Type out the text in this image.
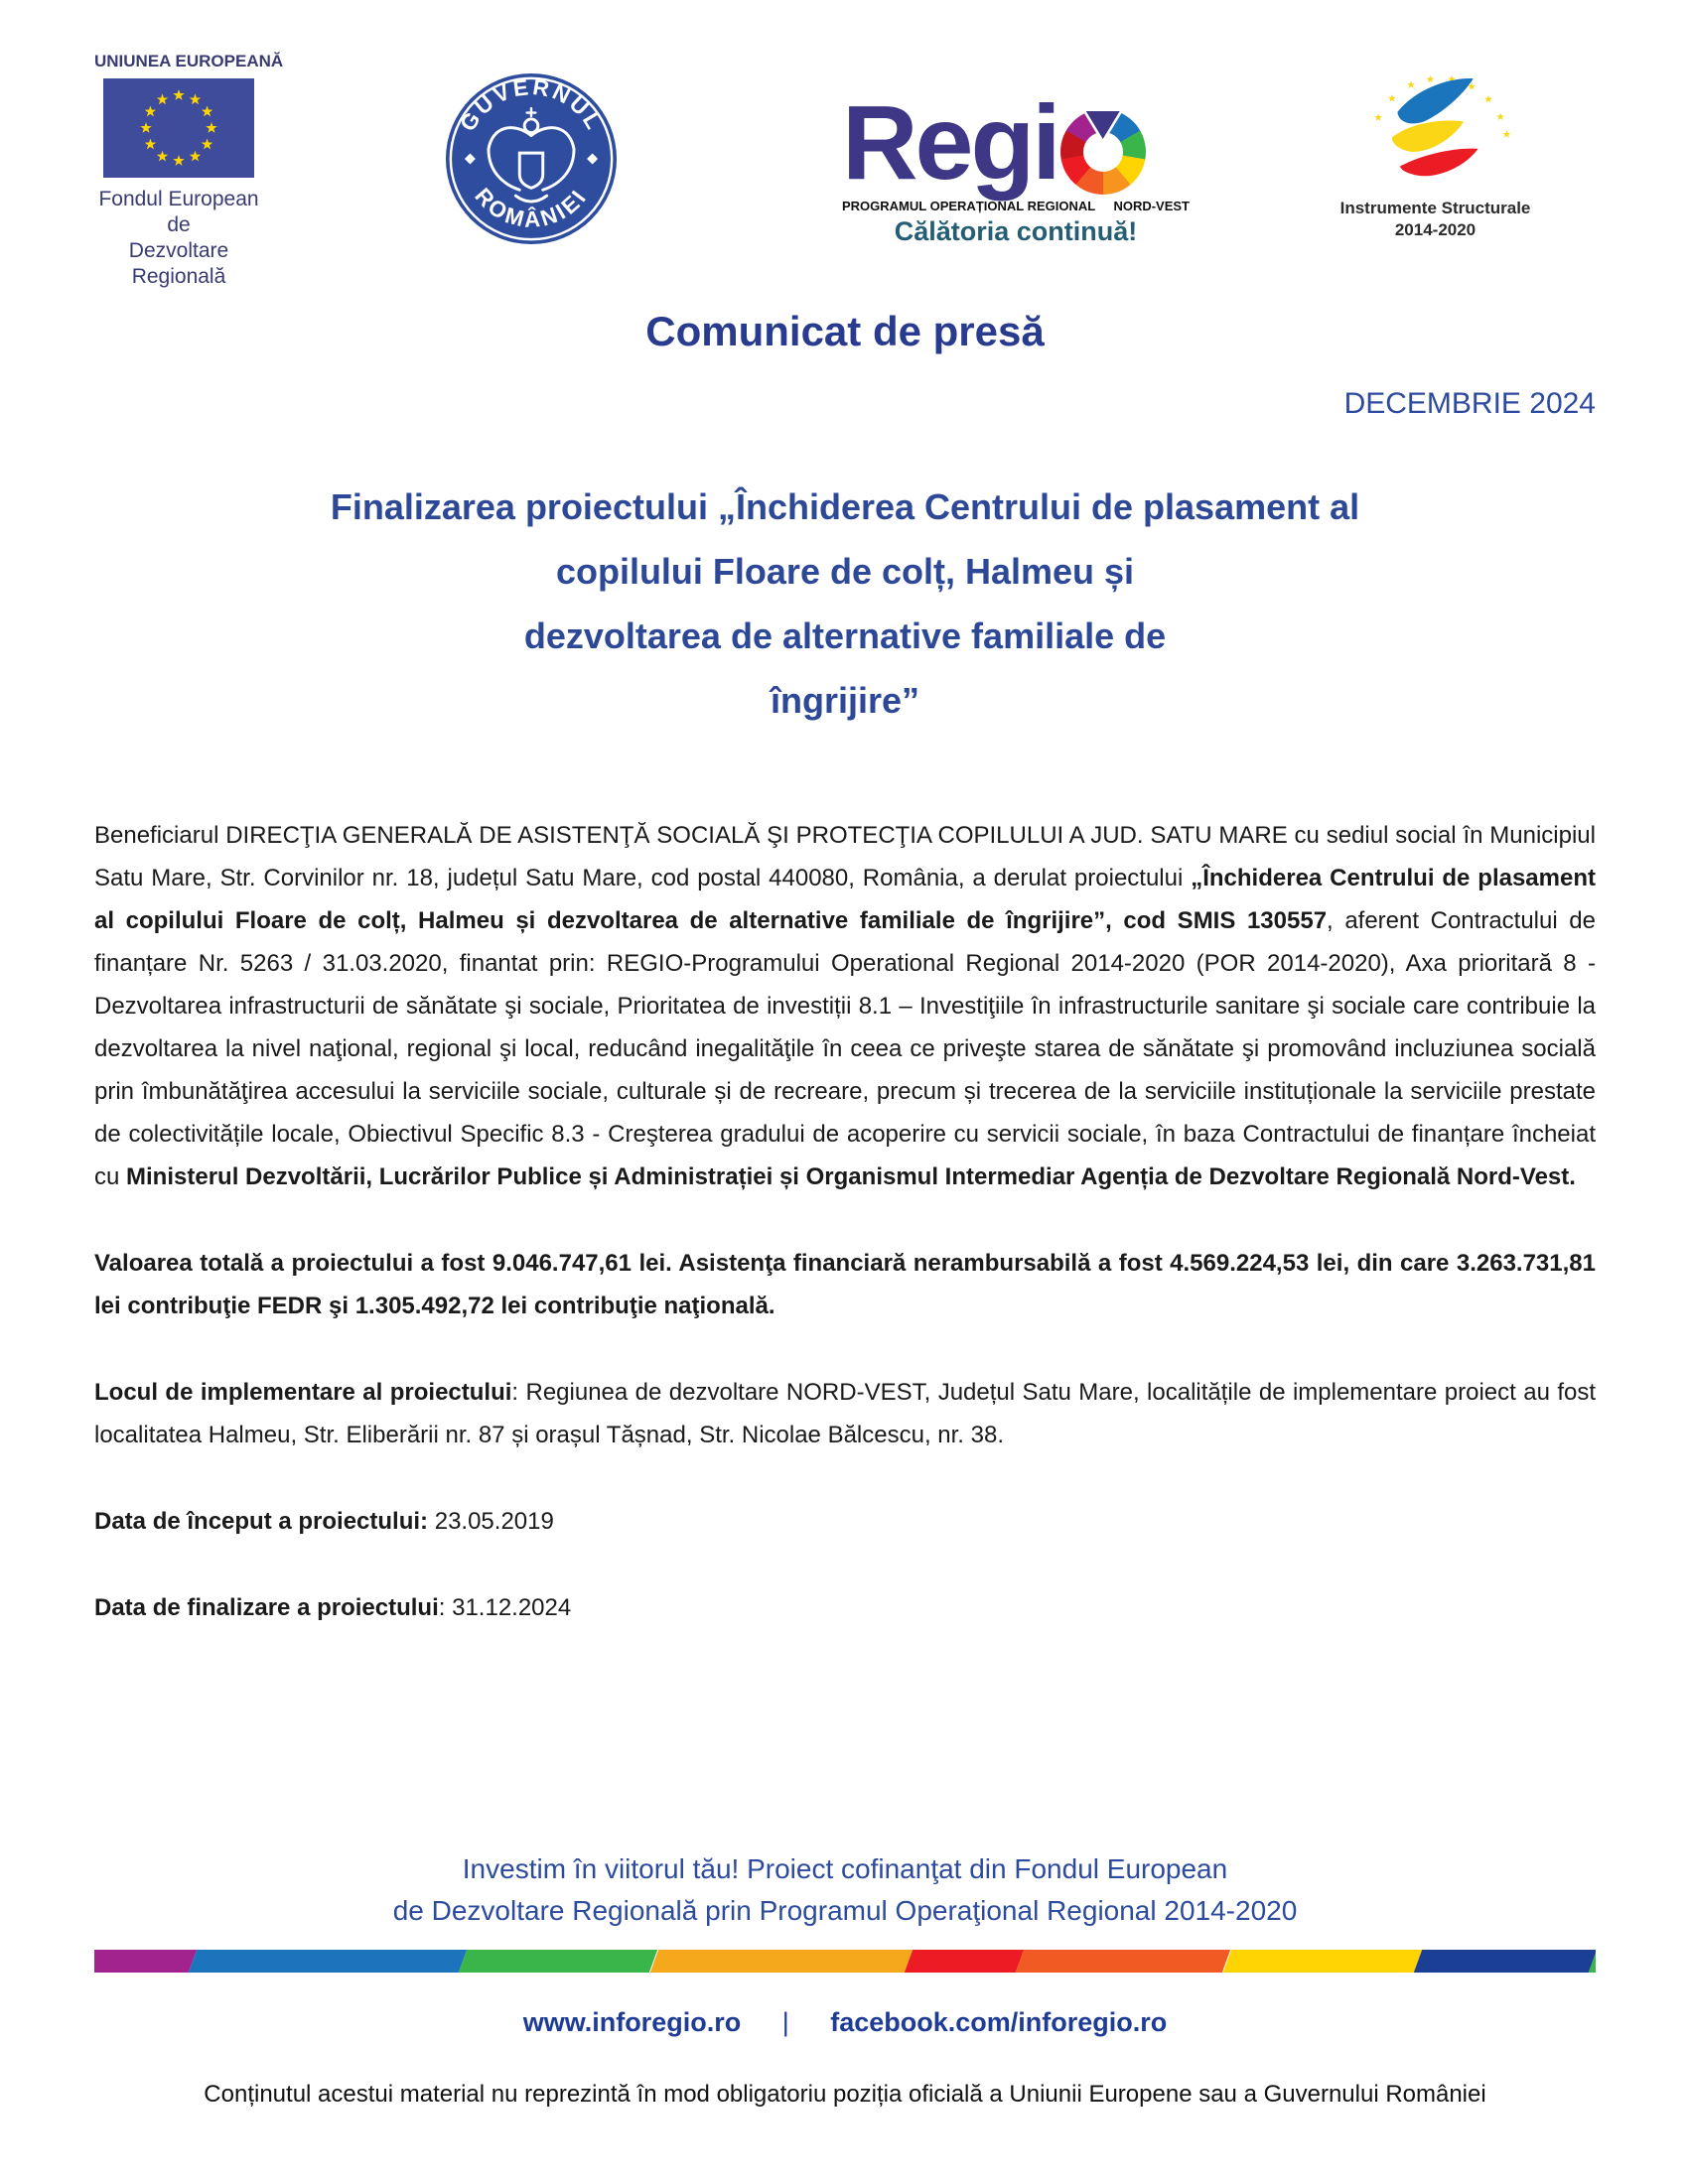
UNIUNEA EUROPEANĂ
Fondul European de
Dezvoltare Regională
GUVERNUL
ROMÂNIEI Regi
PROGRAMUL OPERAȚIONAL REGIONAL NORD-VEST
Călătoria continuă!
Instrumente Structurale
2014-2020
Comunicat de presă
DECEMBRIE 2024
Finalizarea proiectului „Închiderea Centrului de plasament al
copilului Floare de colț, Halmeu și
dezvoltarea de alternative familiale de
îngrijire”

Beneficiarul DIRECŢIA GENERALĂ DE ASISTENŢĂ SOCIALĂ ŞI PROTECŢIA COPILULUI A JUD. SATU MARE cu sediul social în Municipiul Satu Mare, Str. Corvinilor nr. 18, județul Satu Mare, cod postal 440080, România, a derulat proiectului „Închiderea Centrului de plasament al copilului Floare de colț, Halmeu și dezvoltarea de alternative familiale de îngrijire”, cod SMIS 130557, aferent Contractului de finanțare Nr. 5263 / 31.03.2020, finantat prin: REGIO-Programului Operational Regional 2014-2020 (POR 2014-2020), Axa prioritară 8 - Dezvoltarea infrastructurii de sănătate şi sociale, Prioritatea de investiții 8.1 – Investiţiile în infrastructurile sanitare şi sociale care contribuie la dezvoltarea la nivel naţional, regional şi local, reducând inegalităţile în ceea ce priveşte starea de sănătate şi promovând incluziunea socială prin îmbunătăţirea accesului la serviciile sociale, culturale și de recreare, precum și trecerea de la serviciile instituționale la serviciile prestate de colectivitățile locale, Obiectivul Specific 8.3 - Creşterea gradului de acoperire cu servicii sociale, în baza Contractului de finanțare încheiat cu Ministerul Dezvoltării, Lucrărilor Publice și Administrației și Organismul Intermediar Agenția de Dezvoltare Regională Nord-Vest.

Valoarea totală a proiectului a fost 9.046.747,61 lei. Asistenţa financiară nerambursabilă a fost 4.569.224,53 lei, din care 3.263.731,81 lei contribuţie FEDR şi 1.305.492,72 lei contribuţie naţională.

Locul de implementare al proiectului: Regiunea de dezvoltare NORD-VEST, Județul Satu Mare, localitățile de implementare proiect au fost localitatea Halmeu, Str. Eliberării nr. 87 și orașul Tășnad, Str. Nicolae Bălcescu, nr. 38.

Data de început a proiectului: 23.05.2019

Data de finalizare a proiectului: 31.12.2024

Investim în viitorul tău! Proiect cofinanţat din Fondul European
de Dezvoltare Regională prin Programul Operaţional Regional 2014-2020
www.inforegio.ro | facebook.com/inforegio.ro
Conținutul acestui material nu reprezintă în mod obligatoriu poziția oficială a Uniunii Europene sau a Guvernului României
